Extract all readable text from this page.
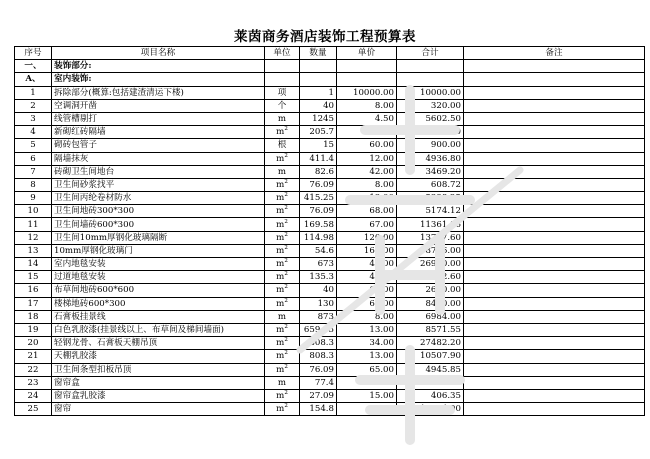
莱茵商务酒店装饰工程预算表
序号	项目名称	单位	数量	单价	合计	备注
一、	装饰部分:					
A、	室内装饰:					
1	拆除部分(概算:包括建渣清运下楼)	项	1	10000.00	10000.00	
2	空调洞开凿	个	40	8.00	320.00	
3	线管槽剔打	m	1245	4.50	5602.50	
4	新砌红砖隔墙	$m^2$	205.7	43.00	8845.10	
5	砌砖包管子	根	15	60.00	900.00	
6	隔墙抹灰	$m^2$	411.4	12.00	4936.80	
7	砖砌卫生间地台	m	82.6	42.00	3469.20	
8	卫生间砂浆找平	$m^2$	76.09	8.00	608.72	
9	卫生间丙纶卷材防水	$m^2$	415.25	13.00	5398.25	
10	卫生间地砖300*300	$m^2$	76.09	68.00	5174.12	
11	卫生间墙砖600*300	$m^2$	169.58	67.00	11361.86	
12	卫生间10mm厚钢化玻璃隔断	$m^2$	114.98	120.00	13797.60	
13	10mm厚钢化玻璃门	$m^2$	54.6	160.00	8736.00	
14	室内地毯安装	$m^2$	673	40.00	26920.00	
15	过道地毯安装	$m^2$	135.3	42.00	5682.60	
16	布草间地砖600*600	$m^2$	40	67.00	2680.00	
17	楼梯地砖600*300	$m^2$	130	65.00	8450.00	
18	石膏板挂景线	m	873	8.00	6984.00	
19	白色乳胶漆(挂景线以上、布草间及梯间墙面)	$m^2$	659.35	13.00	8571.55	
20	轻钢龙骨、石膏板天棚吊顶	$m^2$	808.3	34.00	27482.20	
21	天棚乳胶漆	$m^2$	808.3	13.00	10507.90	
22	卫生间条型扣板吊顶	$m^2$	76.09	65.00	4945.85	
23	窗帘盒	m	77.4	20.00	1548.00	
24	窗帘盒乳胶漆	$m^2$	27.09	15.00	406.35	
25	窗帘	$m^2$	154.8	80.00	12384.00	
